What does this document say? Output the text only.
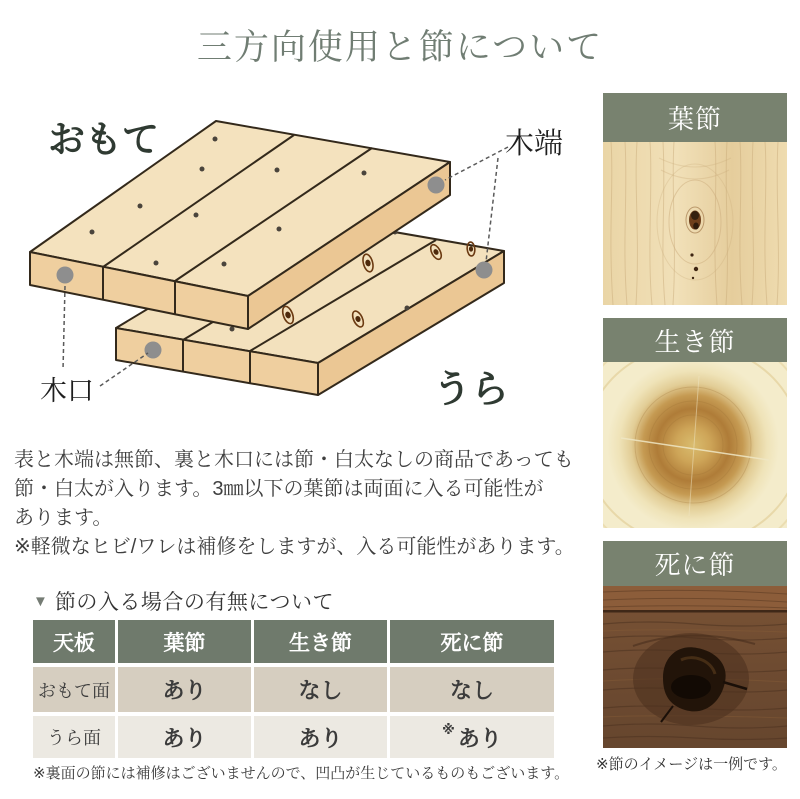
三方向使用と節について
おもて
うら
木端
木口
葉節
生き節
死に節
※節のイメージは一例です。
表と木端は無節、裏と木口には節・白太なしの商品であっても
節・白太が入ります。3㎜以下の葉節は両面に入る可能性が
あります。
※軽微なヒビ/ワレは補修をしますが、入る可能性があります。
▼ 節の入る場合の有無について
天板	葉節	生き節	死に節
おもて面	あり	なし	なし
うら面	あり	あり	※ あり
※裏面の節には補修はございませんので、凹凸が生じているものもございます。
